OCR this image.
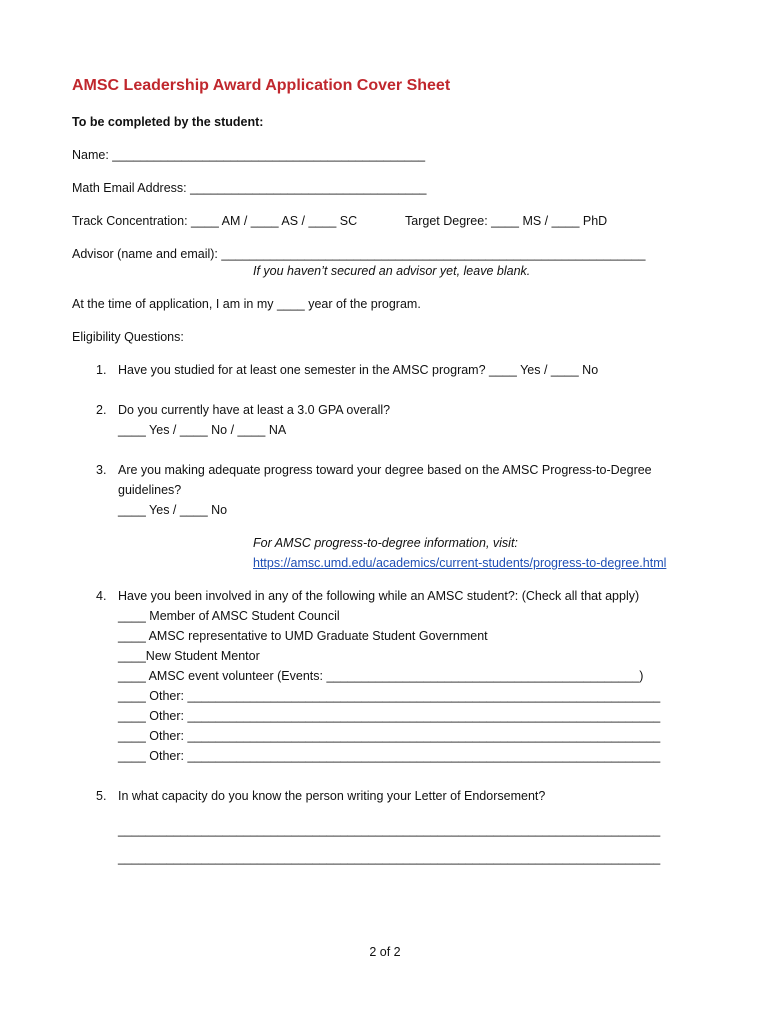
AMSC Leadership Award Application Cover Sheet
To be completed by the student:
Name: _____________________________________________
Math Email Address: __________________________________
Track Concentration: ____ AM / ____ AS / ____ SC	Target Degree: ____ MS / ____ PhD
Advisor (name and email): _____________________________________________________________
If you haven’t secured an advisor yet, leave blank.
At the time of application, I am in my ____ year of the program.
Eligibility Questions:
1. Have you studied for at least one semester in the AMSC program? ____ Yes / ____ No
2. Do you currently have at least a 3.0 GPA overall?
____ Yes / ____ No / ____ NA
3. Are you making adequate progress toward your degree based on the AMSC Progress-to-Degree
guidelines?
____ Yes / ____ No
For AMSC progress-to-degree information, visit:
https://amsc.umd.edu/academics/current-students/progress-to-degree.html
4. Have you been involved in any of the following while an AMSC student?: (Check all that apply)
____ Member of AMSC Student Council
____ AMSC representative to UMD Graduate Student Government
____New Student Mentor
____ AMSC event volunteer (Events: _____________________________________________)
____ Other: ____________________________________________________________________
____ Other: ____________________________________________________________________
____ Other: ____________________________________________________________________
____ Other: ____________________________________________________________________
5. In what capacity do you know the person writing your Letter of Endorsement?
______________________________________________________________________________
______________________________________________________________________________
2 of 2
